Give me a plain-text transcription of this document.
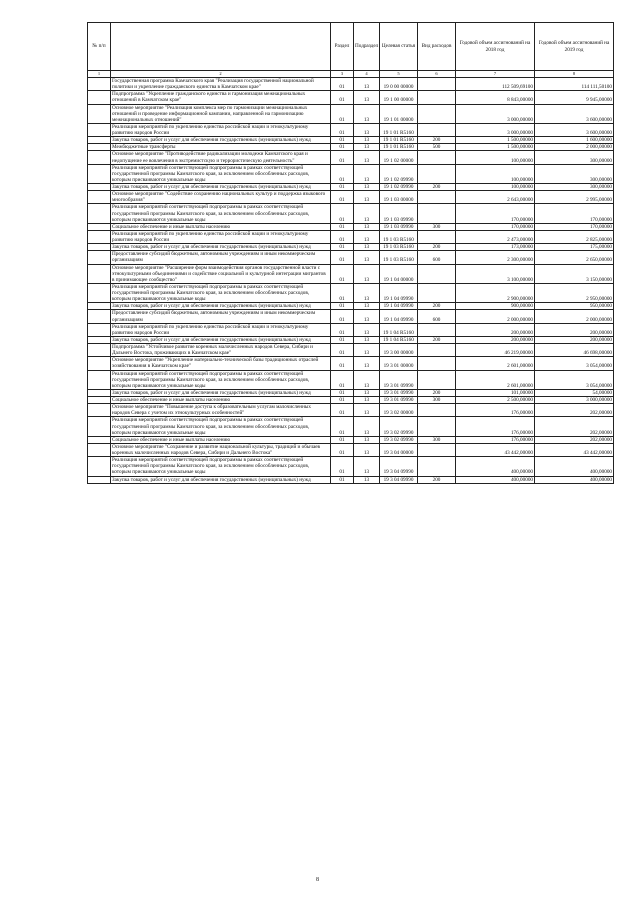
№ п/п		Раздел	Подраздел	Целевая статья	Вид расходов	Годовой объем ассигнований на 2018 год	Годовой объем ассигнований на 2019 год
1	2	3	4	5	6	7	8
	Государственная программа Камчатского края "Реализация государственной национальной политики и укрепление гражданского единства в Камчатском крае"	01	13	19 0 00 00000		112 509,69100	114 111,50100
	Подпрограмма "Укрепление гражданского единства и гармонизация межнациональных отношений в Камчатском крае"	01	13	19 1 00 00000		8 843,00000	9 945,00000
	Основное мероприятие "Реализация комплекса мер по гармонизации межнациональных отношений и проведение информационной кампании, направленной на гармонизацию межнациональных отношений"	01	13	19 1 01 00000		3 000,00000	3 600,00000
	Реализация мероприятий по укреплению единства российской нации и этнокультурному развитию народов России	01	13	19 1 01 R5160		3 000,00000	3 600,00000
	Закупка товаров, работ и услуг для обеспечения государственных (муниципальных) нужд	01	13	19 1 01 R5160	200	1 500,00000	1 600,00000
	Межбюджетные трансферты	01	13	19 1 01 R5160	500	1 500,00000	2 000,00000
	Основное мероприятие "Противодействие радикализации молодежи Камчатского края и недопущение ее вовлечения в экстремистскую и террористическую деятельность"	01	13	19 1 02 00000		100,00000	300,00000
	Реализация мероприятий соответствующей подпрограммы в рамках соответствующей государственной программы Камчатского края, за исключением обособленных расходов, которым присваиваются уникальные коды	01	13	19 1 02 09990		100,00000	300,00000
	Закупка товаров, работ и услуг для обеспечения государственных (муниципальных) нужд	01	13	19 1 02 09990	200	100,00000	300,00000
	Основное мероприятие "Содействие сохранению национальных культур и поддержка языкового многообразия"	01	13	19 1 03 00000		2 643,00000	2 995,00000
	Реализация мероприятий соответствующей подпрограммы в рамках соответствующей государственной программы Камчатского края, за исключением обособленных расходов, которым присваиваются уникальные коды	01	13	19 1 03 09990		170,00000	170,00000
	Социальное обеспечение и иные выплаты населению	01	13	19 1 03 09990	300	170,00000	170,00000
	Реализация мероприятий по укреплению единства российской нации и этнокультурному развитию народов России	01	13	19 1 03 R5160		2 473,00000	2 825,00000
	Закупка товаров, работ и услуг для обеспечения государственных (муниципальных) нужд	01	13	19 1 03 R5160	200	173,00000	175,00000
	Предоставление субсидий бюджетным, автономным учреждениям и иным некоммерческим организациям	01	13	19 1 03 R5160	600	2 300,00000	2 650,00000
	Основное мероприятие "Расширение форм взаимодействия органов государственной власти с этнокультурными объединениями и содействие социальной и культурной интеграции мигрантов в принимающее сообщество"	01	13	19 1 04 00000		3 100,00000	3 150,00000
	Реализация мероприятий соответствующей подпрограммы в рамках соответствующей государственной программы Камчатского края, за исключением обособленных расходов, которым присваиваются уникальные коды	01	13	19 1 04 09990		2 900,00000	2 950,00000
	Закупка товаров, работ и услуг для обеспечения государственных (муниципальных) нужд	01	13	19 1 04 09990	200	900,00000	950,00000
	Предоставление субсидий бюджетным, автономным учреждениям и иным некоммерческим организациям	01	13	19 1 04 09990	600	2 000,00000	2 000,00000
	Реализация мероприятий по укреплению единства российской нации и этнокультурному развитию народов России	01	13	19 1 04 R5160		200,00000	200,00000
	Закупка товаров, работ и услуг для обеспечения государственных (муниципальных) нужд	01	13	19 1 04 R5160	200	200,00000	200,00000
	Подпрограмма "Устойчивое развитие коренных малочисленных народов Севера, Сибири и Дальнего Востока, проживающих в Камчатском крае"	01	13	19 3 00 00000		46 219,00000	46 698,00000
	Основное мероприятие "Укрепление материально-технической базы традиционных отраслей хозяйствования в Камчатском крае"	01	13	19 3 01 00000		2 601,00000	3 054,00000
	Реализация мероприятий соответствующей подпрограммы в рамках соответствующей государственной программы Камчатского края, за исключением обособленных расходов, которым присваиваются уникальные коды	01	13	19 3 01 09990		2 601,00000	3 054,00000
	Закупка товаров, работ и услуг для обеспечения государственных (муниципальных) нужд	01	13	19 3 01 09990	200	101,00000	54,00000
	Социальное обеспечение и иные выплаты населению	01	13	19 3 01 09990	300	2 500,00000	3 000,00000
	Основное мероприятие "Повышение доступа к образовательным услугам малочисленных народов Севера с учетом их этнокультурных особенностей"	01	13	19 3 02 00000		176,00000	202,00000
	Реализация мероприятий соответствующей подпрограммы в рамках соответствующей государственной программы Камчатского края, за исключением обособленных расходов, которым присваиваются уникальные коды	01	13	19 3 02 09990		176,00000	202,00000
	Социальное обеспечение и иные выплаты населению	01	13	19 3 02 09990	300	176,00000	202,00000
	Основное мероприятие "Сохранение и развитие национальной культуры, традиций и обычаев коренных малочисленных народов Севера, Сибири и Дальнего Востока"	01	13	19 3 04 00000		43 442,00000	43 442,00000
	Реализация мероприятий соответствующей подпрограммы в рамках соответствующей государственной программы Камчатского края, за исключением обособленных расходов, которым присваиваются уникальные коды	01	13	19 3 04 09990		400,00000	400,00000
	Закупка товаров, работ и услуг для обеспечения государственных (муниципальных) нужд	01	13	19 3 04 09990	200	400,00000	400,00000
8
